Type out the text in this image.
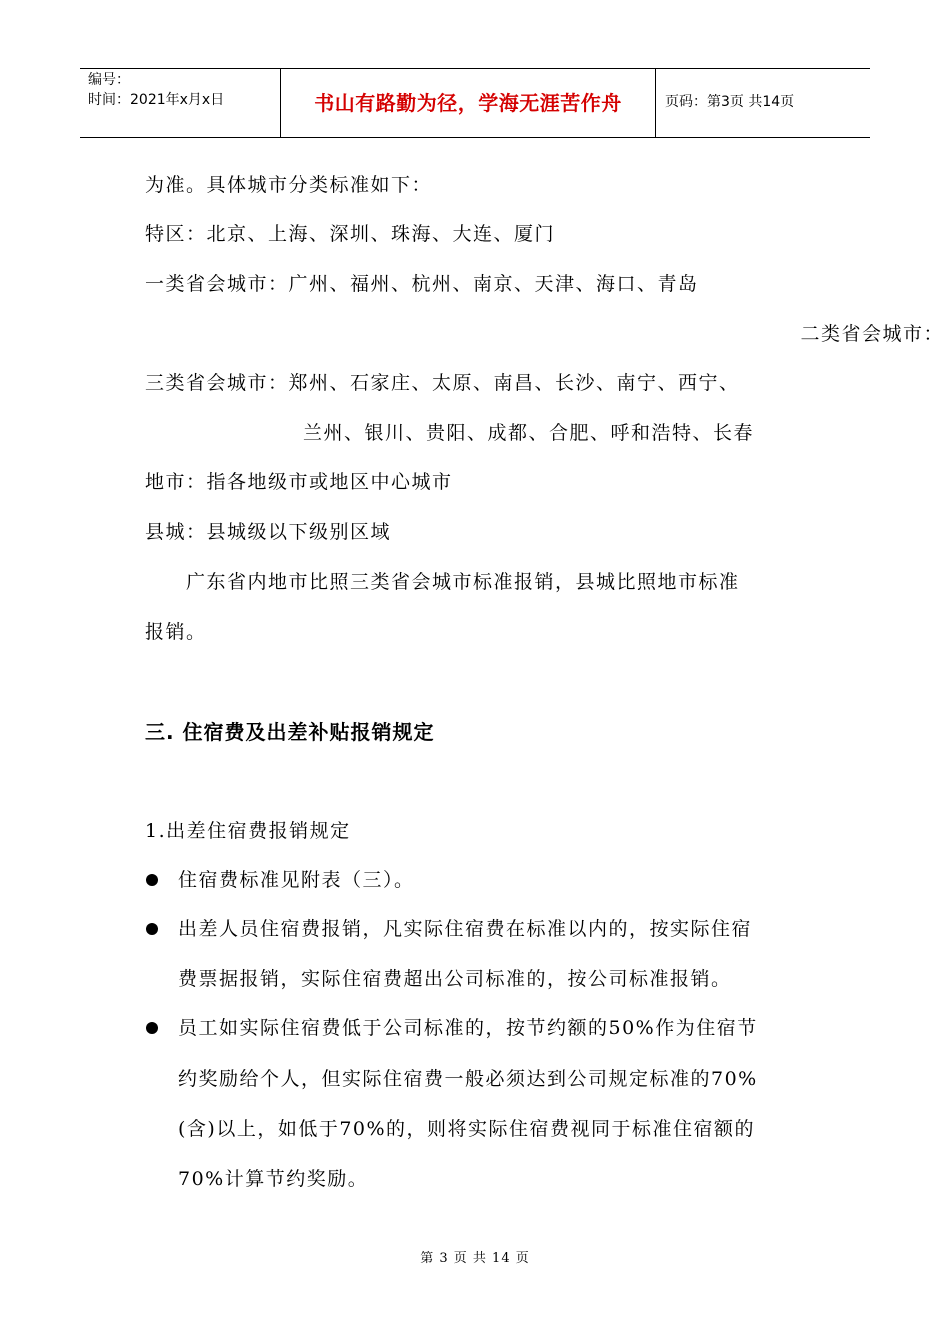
编号：
时间：2021年x月x日	书山有路勤为径，学海无涯苦作舟	页码：第3页 共14页
为准。具体城市分类标准如下：
特区：北京、上海、深圳、珠海、大连、厦门
一类省会城市：广州、福州、杭州、南京、天津、海口、青岛
二类省会城市：
三类省会城市：郑州、石家庄、太原、南昌、长沙、南宁、西宁、
兰州、银川、贵阳、成都、合肥、呼和浩特、长春
地市：指各地级市或地区中心城市
县城：县城级以下级别区域
广东省内地市比照三类省会城市标准报销，县城比照地市标准
报销。
三. 住宿费及出差补贴报销规定
1.出差住宿费报销规定
住宿费标准见附表（三）。
出差人员住宿费报销，凡实际住宿费在标准以内的，按实际住宿
费票据报销，实际住宿费超出公司标准的，按公司标准报销。
员工如实际住宿费低于公司标准的，按节约额的50%作为住宿节
约奖励给个人，但实际住宿费一般必须达到公司规定标准的70%
(含)以上，如低于70%的，则将实际住宿费视同于标准住宿额的
70%计算节约奖励。
第 3 页 共 14 页
